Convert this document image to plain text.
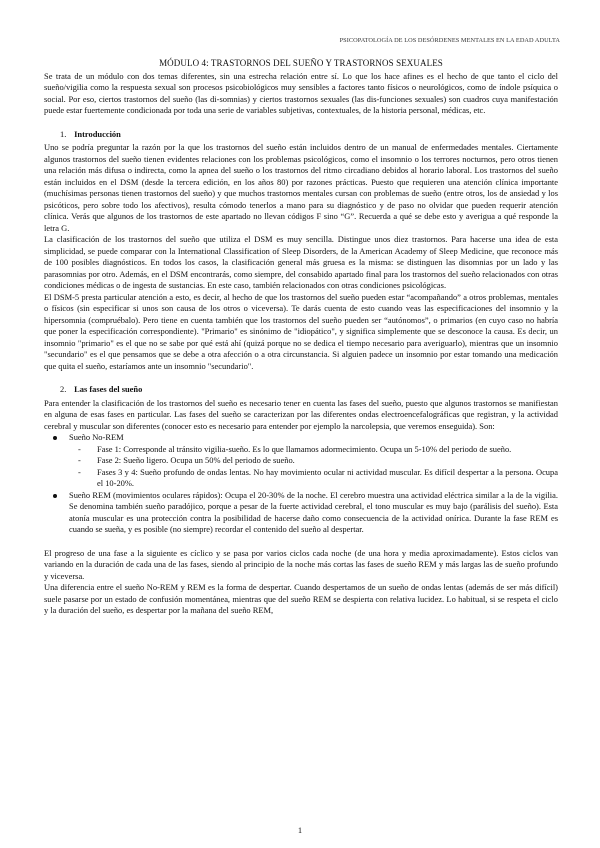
PSICOPATOLOGÍA DE LOS DESÓRDENES MENTALES EN LA EDAD ADULTA
MÓDULO 4: TRASTORNOS DEL SUEÑO Y TRASTORNOS SEXUALES

Se trata de un módulo con dos temas diferentes, sin una estrecha relación entre sí. Lo que los hace afines es el hecho de que tanto el ciclo del sueño/vigilia como la respuesta sexual son procesos psicobiológicos muy sensibles a factores tanto físicos o neurológicos, como de índole psíquica o social. Por eso, ciertos trastornos del sueño (las di-somnias) y ciertos trastornos sexuales (las dis-funciones sexuales) son cuadros cuya manifestación puede estar fuertemente condicionada por toda una serie de variables subjetivas, contextuales, de la historia personal, médicas, etc.

1. Introducción

Uno se podría preguntar la razón por la que los trastornos del sueño están incluidos dentro de un manual de enfermedades mentales. Ciertamente algunos trastornos del sueño tienen evidentes relaciones con los problemas psicológicos, como el insomnio o los terrores nocturnos, pero otros tienen una relación más difusa o indirecta, como la apnea del sueño o los trastornos del ritmo circadiano debidos al horario laboral. Los trastornos del sueño están incluidos en el DSM (desde la tercera edición, en los años 80) por razones prácticas. Puesto que requieren una atención clínica importante (muchísimas personas tienen trastornos del sueño) y que muchos trastornos mentales cursan con problemas de sueño (entre otros, los de ansiedad y los psicóticos, pero sobre todo los afectivos), resulta cómodo tenerlos a mano para su diagnóstico y de paso no olvidar que pueden requerir atención clínica. Verás que algunos de los trastornos de este apartado no llevan códigos F sino “G”. Recuerda a qué se debe esto y averigua a qué responde la letra G.

La clasificación de los trastornos del sueño que utiliza el DSM es muy sencilla. Distingue unos diez trastornos. Para hacerse una idea de esta simplicidad, se puede comparar con la International Classification of Sleep Disorders, de la American Academy of Sleep Medicine, que reconoce más de 100 posibles diagnósticos. En todos los casos, la clasificación general más gruesa es la misma: se distinguen las disomnias por un lado y las parasomnias por otro. Además, en el DSM encontrarás, como siempre, del consabido apartado final para los trastornos del sueño relacionados con otras condiciones médicas o de ingesta de sustancias. En este caso, también relacionados con otras condiciones psicológicas.

El DSM-5 presta particular atención a esto, es decir, al hecho de que los trastornos del sueño pueden estar “acompañando” a otros problemas, mentales o físicos (sin especificar si unos son causa de los otros o viceversa). Te darás cuenta de esto cuando veas las especificaciones del insomnio y la hipersomnia (compruébalo). Pero tiene en cuenta también que los trastornos del sueño pueden ser “autónomos”, o primarios (en cuyo caso no habría que poner la especificación correspondiente). "Primario" es sinónimo de "idiopático", y significa simplemente que se desconoce la causa. Es decir, un insomnio "primario" es el que no se sabe por qué está ahí (quizá porque no se dedica el tiempo necesario para averiguarlo), mientras que un insomnio "secundario" es el que pensamos que se debe a otra afección o a otra circunstancia. Si alguien padece un insomnio por estar tomando una medicación que quita el sueño, estaríamos ante un insomnio "secundario".

2. Las fases del sueño

Para entender la clasificación de los trastornos del sueño es necesario tener en cuenta las fases del sueño, puesto que algunos trastornos se manifiestan en alguna de esas fases en particular. Las fases del sueño se caracterizan por las diferentes ondas electroencefalográficas que registran, y la actividad cerebral y muscular son diferentes (conocer esto es necesario para entender por ejemplo la narcolepsia, que veremos enseguida). Son:

Sueño No-REM
- Fase 1: Corresponde al tránsito vigilia-sueño. Es lo que llamamos adormecimiento. Ocupa un 5-10% del periodo de sueño.
- Fase 2: Sueño ligero. Ocupa un 50% del periodo de sueño.
- Fases 3 y 4: Sueño profundo de ondas lentas. No hay movimiento ocular ni actividad muscular. Es difícil despertar a la persona. Ocupa el 10-20%.
Sueño REM (movimientos oculares rápidos): Ocupa el 20-30% de la noche. El cerebro muestra una actividad eléctrica similar a la de la vigilia. Se denomina también sueño paradójico, porque a pesar de la fuerte actividad cerebral, el tono muscular es muy bajo (parálisis del sueño). Esta atonía muscular es una protección contra la posibilidad de hacerse daño como consecuencia de la actividad onírica. Durante la fase REM es cuando se sueña, y es posible (no siempre) recordar el contenido del sueño al despertar.

El progreso de una fase a la siguiente es cíclico y se pasa por varios ciclos cada noche (de una hora y media aproximadamente). Estos ciclos van variando en la duración de cada una de las fases, siendo al principio de la noche más cortas las fases de sueño REM y más largas las de sueño profundo y viceversa.

Una diferencia entre el sueño No-REM y REM es la forma de despertar. Cuando despertamos de un sueño de ondas lentas (además de ser más difícil) suele pasarse por un estado de confusión momentánea, mientras que del sueño REM se despierta con relativa lucidez. Lo habitual, si se respeta el ciclo y la duración del sueño, es despertar por la mañana del sueño REM,

1
